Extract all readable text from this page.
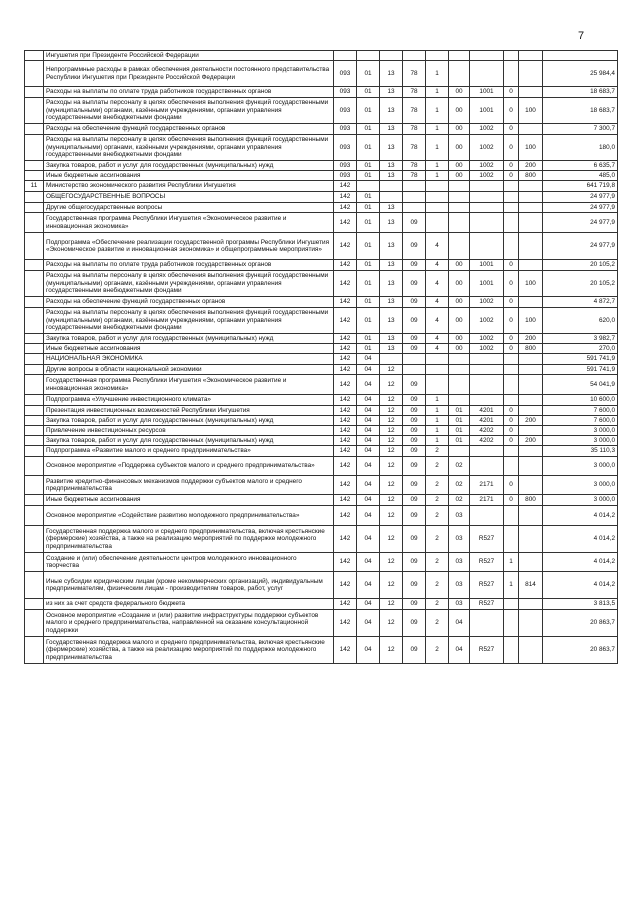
7
	Ингушетия при Президенте Российской Федерации										
	Непрограммные расходы в рамках обеспечения деятельности постоянного представительства Республики Ингушетия при Президенте Российской Федерации	093	01	13	78	1					25 984,4
	Расходы на выплаты по оплате труда работников государственных органов	093	01	13	78	1	00	1001	0		18 683,7
	Расходы на выплаты персоналу в целях обеспечения выполнения функций государственными (муниципальными) органами, казёнными учреждениями, органами управления государственными внебюджетными фондами	093	01	13	78	1	00	1001	0	100	18 683,7
	Расходы на обеспечение функций государственных органов	093	01	13	78	1	00	1002	0		7 300,7
	Расходы на выплаты персоналу в целях обеспечения выполнения функций государственными (муниципальными) органами, казёнными учреждениями, органами управления государственными внебюджетными фондами	093	01	13	78	1	00	1002	0	100	180,0
	Закупка товаров, работ и услуг для государственных (муниципальных) нужд	093	01	13	78	1	00	1002	0	200	6 635,7
	Иные бюджетные ассигнования	093	01	13	78	1	00	1002	0	800	485,0
11	Министерство экономического развития Республики Ингушетия	142									641 719,8
	ОБЩЕГОСУДАРСТВЕННЫЕ ВОПРОСЫ	142	01								24 977,9
	Другие общегосударственные вопросы	142	01	13							24 977,9
	Государственная программа Республики Ингушетия «Экономическое развитие и инновационная экономика»	142	01	13	09						24 977,9
	Подпрограмма «Обеспечение реализации государственной программы Республики Ингушетия «Экономическое развитие и инновационная экономика» и общепрограммные мероприятия»	142	01	13	09	4					24 977,9
	Расходы на выплаты по оплате труда работников государственных органов	142	01	13	09	4	00	1001	0		20 105,2
	Расходы на выплаты персоналу в целях обеспечения выполнения функций государственными (муниципальными) органами, казёнными учреждениями, органами управления государственными внебюджетными фондами	142	01	13	09	4	00	1001	0	100	20 105,2
	Расходы на обеспечение функций государственных органов	142	01	13	09	4	00	1002	0		4 872,7
	Расходы на выплаты персоналу в целях обеспечения выполнения функций государственными (муниципальными) органами, казёнными учреждениями, органами управления государственными внебюджетными фондами	142	01	13	09	4	00	1002	0	100	620,0
	Закупка товаров, работ и услуг для государственных (муниципальных) нужд	142	01	13	09	4	00	1002	0	200	3 982,7
	Иные бюджетные ассигнования	142	01	13	09	4	00	1002	0	800	270,0
	НАЦИОНАЛЬНАЯ ЭКОНОМИКА	142	04								591 741,9
	Другие вопросы в области национальной экономики	142	04	12							591 741,9
	Государственная программа Республики Ингушетия «Экономическое развитие и инновационная экономика»	142	04	12	09						54 041,9
	Подпрограмма «Улучшение инвестиционного климата»	142	04	12	09	1					10 600,0
	Презентация инвестиционных возможностей Республики Ингушетия	142	04	12	09	1	01	4201	0		7 600,0
	Закупка товаров, работ и услуг для государственных (муниципальных) нужд	142	04	12	09	1	01	4201	0	200	7 600,0
	Привлечение инвестиционных ресурсов	142	04	12	09	1	01	4202	0		3 000,0
	Закупка товаров, работ и услуг для государственных (муниципальных) нужд	142	04	12	09	1	01	4202	0	200	3 000,0
	Подпрограмма «Развитие малого и среднего предпринимательства»	142	04	12	09	2					35 110,3
	Основное мероприятие «Поддержка субъектов малого и среднего предпринимательства»	142	04	12	09	2	02				3 000,0
	Развитие кредитно-финансовых механизмов поддержки субъектов малого и среднего предпринимательства	142	04	12	09	2	02	2171	0		3 000,0
	Иные бюджетные ассигнования	142	04	12	09	2	02	2171	0	800	3 000,0
	Основное мероприятие «Содействие развитию молодежного предпринимательства»	142	04	12	09	2	03				4 014,2
	Государственная поддержка малого и среднего предпринимательства, включая крестьянские (фермерские) хозяйства, а также на реализацию мероприятий по поддержке молодежного предпринимательства	142	04	12	09	2	03	R527			4 014,2
	Создание и (или) обеспечение деятельности центров молодежного инновационного творчества	142	04	12	09	2	03	R527	1		4 014,2
	Иные субсидии юридическим лицам (кроме некоммерческих организаций), индивидуальным предпринимателям, физическим лицам - производителям товаров, работ, услуг	142	04	12	09	2	03	R527	1	814	4 014,2
	из них за счет средств федерального бюджета	142	04	12	09	2	03	R527			3 813,5
	Основное мероприятие «Создание и (или) развитие инфраструктуры поддержки субъектов малого и среднего предпринимательства, направленной на оказание консультационной поддержки	142	04	12	09	2	04				20 863,7
	Государственная поддержка малого и среднего предпринимательства, включая крестьянские (фермерские) хозяйства, а также на реализацию мероприятий по поддержке молодежного предпринимательства	142	04	12	09	2	04	R527			20 863,7
